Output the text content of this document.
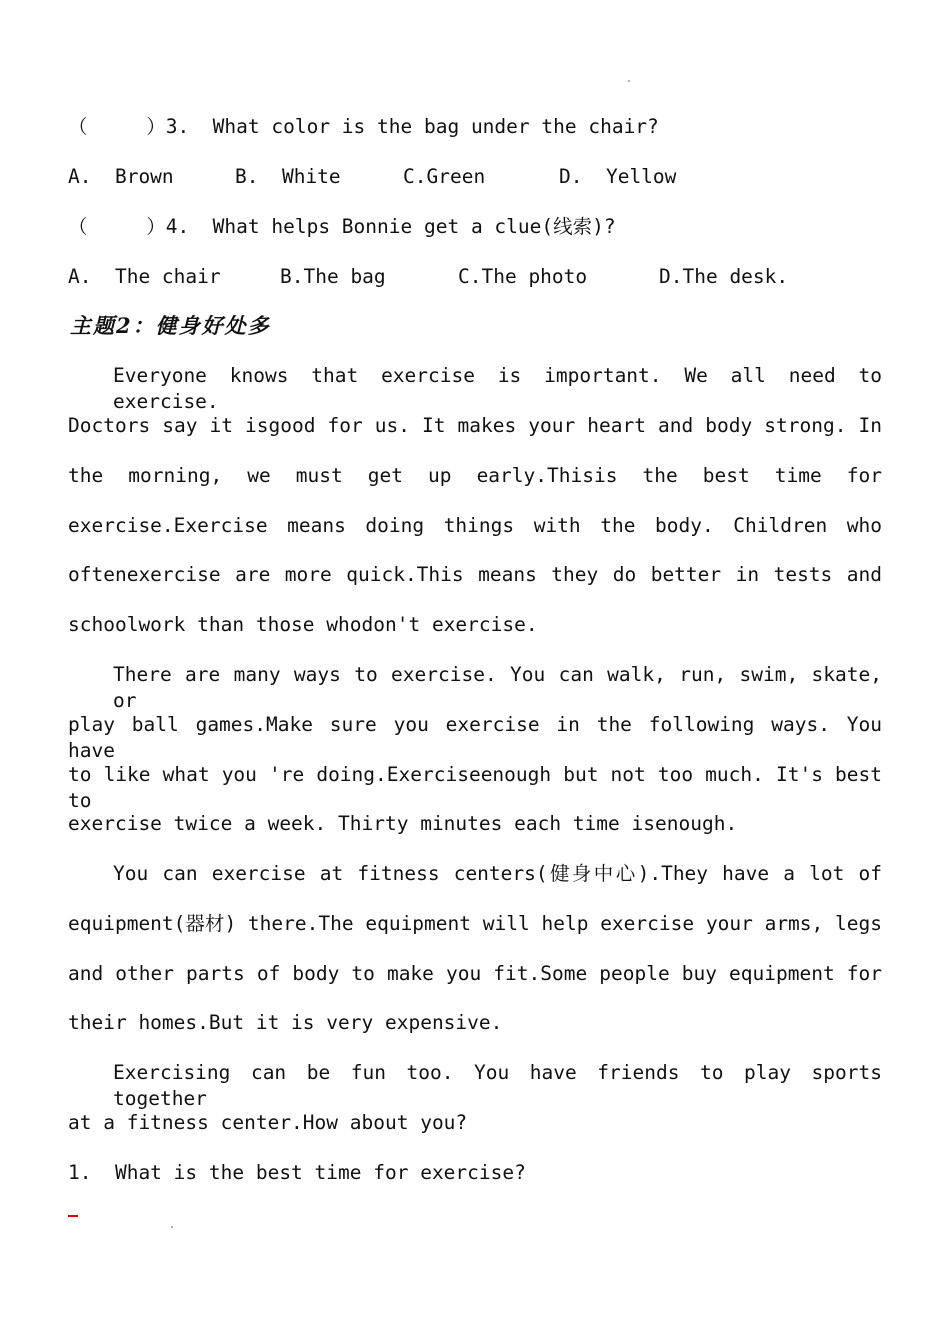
（     ）3.  What color is the bag under the chair?
A.  Brown	B.  White	C.Green	D.  Yellow
（     ）4.  What helps Bonnie get a clue(线索)?
A.  The chair	B.The bag	C.The photo	D.The desk.
主题2：健身好处多
Everyone knows that exercise is important. We all need to exercise.
Doctors say it isgood for us. It makes your heart and body strong. In
the morning, we must get up early.Thisis the best time for
exercise.Exercise means doing things with the body. Children who
oftenexercise are more quick.This means they do better in tests and
schoolwork than those whodon't exercise.
There are many ways to exercise. You can walk, run, swim, skate, or
play ball games.Make sure you exercise in the following ways. You have
to like what you 're doing.Exerciseenough but not too much. It's best to
exercise twice a week. Thirty minutes each time isenough.
You can exercise at fitness centers(健身中心).They have a lot of
equipment(器材) there.The equipment will help exercise your arms, legs
and other parts of body to make you fit.Some people buy equipment for
their homes.But it is very expensive.
Exercising can be fun too. You have friends to play sports together
at a fitness center.How about you?
1.  What is the best time for exercise?
